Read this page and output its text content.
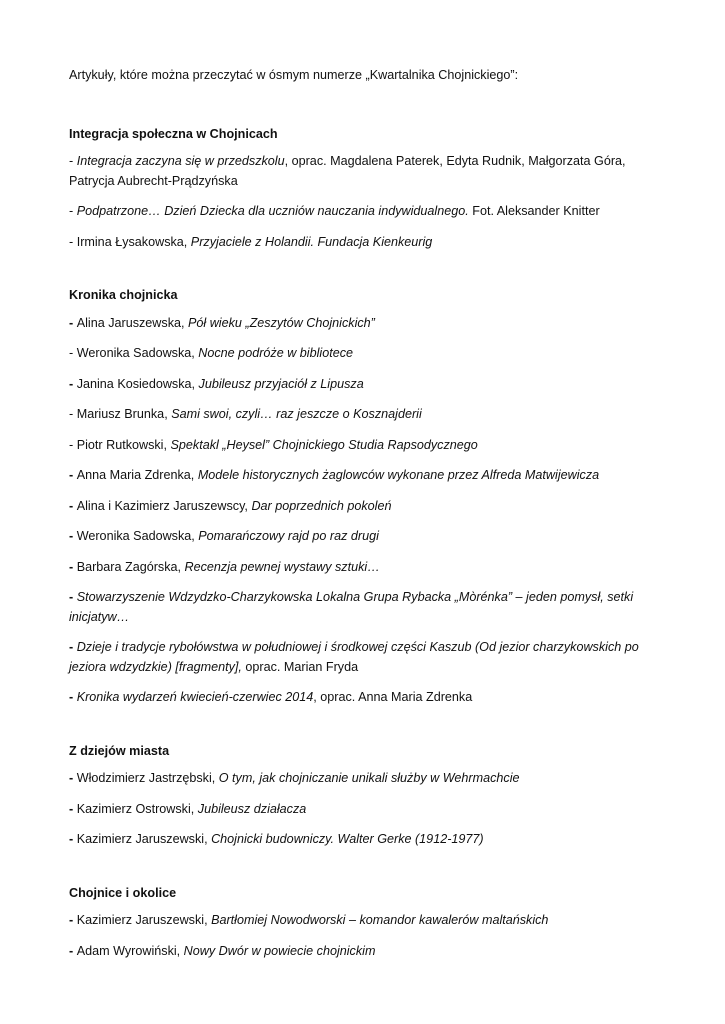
Artykuły, które można przeczytać w ósmym numerze „Kwartalnika Chojnickiego”:

Integracja społeczna w Chojnicach

- Integracja zaczyna się w przedszkolu, oprac. Magdalena Paterek, Edyta Rudnik, Małgorzata Góra, Patrycja Aubrecht-Prądzyńska

- Podpatrzone… Dzień Dziecka dla uczniów nauczania indywidualnego. Fot. Aleksander Knitter

- Irmina Łysakowska, Przyjaciele z Holandii. Fundacja Kienkeurig

Kronika chojnicka

- Alina Jaruszewska, Pół wieku „Zeszytów Chojnickich”

- Weronika Sadowska, Nocne podróże w bibliotece

- Janina Kosiedowska, Jubileusz przyjaciół z Lipusza

- Mariusz Brunka, Sami swoi, czyli… raz jeszcze o Kosznajderii

- Piotr Rutkowski, Spektakl „Heysel” Chojnickiego Studia Rapsodycznego

- Anna Maria Zdrenka, Modele historycznych żaglowców wykonane przez Alfreda Matwijewicza

- Alina i Kazimierz Jaruszewscy, Dar poprzednich pokoleń

- Weronika Sadowska, Pomarańczowy rajd po raz drugi

- Barbara Zagórska, Recenzja pewnej wystawy sztuki…

- Stowarzyszenie Wdzydzko-Charzykowska Lokalna Grupa Rybacka „Mòrénka” – jeden pomysł, setki inicjatyw…

- Dzieje i tradycje rybołówstwa w południowej i środkowej części Kaszub (Od jezior charzykowskich po jeziora wdzydzkie) [fragmenty], oprac. Marian Fryda

- Kronika wydarzeń kwiecień-czerwiec 2014, oprac. Anna Maria Zdrenka

Z dziejów miasta

- Włodzimierz Jastrzębski, O tym, jak chojniczanie unikali służby w Wehrmachcie

- Kazimierz Ostrowski, Jubileusz działacza

- Kazimierz Jaruszewski, Chojnicki budowniczy. Walter Gerke (1912-1977)

Chojnice i okolice

- Kazimierz Jaruszewski, Bartłomiej Nowodworski – komandor kawalerów maltańskich

- Adam Wyrowiński, Nowy Dwór w powiecie chojnickim
